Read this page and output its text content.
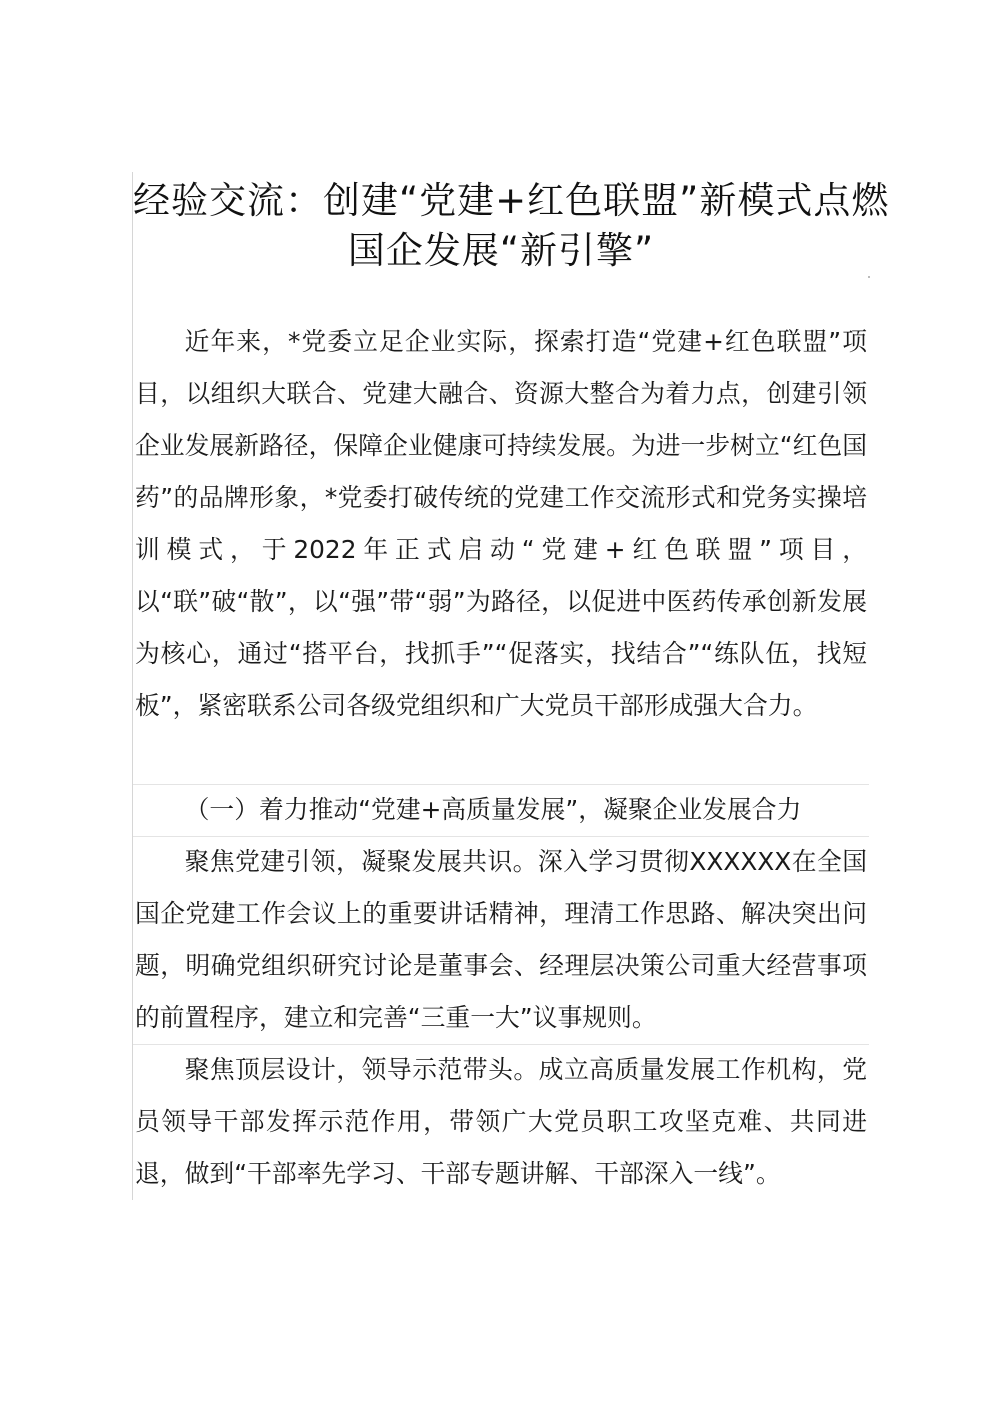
经验交流：创建“党建+红色联盟”新模式点燃
国企发展“新引擎”

近年来，*党委立足企业实际，探索打造“党建+红色联盟”项目，以组织大联合、党建大融合、资源大整合为着力点，创建引领企业发展新路径，保障企业健康可持续发展。为进一步树立“红色国药”的品牌形象，*党委打破传统的党建工作交流形式和党务实操培训模式，于2022年正式启动“党建+红色联盟”项目，以“联”破“散”，以“强”带“弱”为路径，以促进中医药传承创新发展为核心，通过“搭平台，找抓手”“促落实，找结合”“练队伍，找短板”，紧密联系公司各级党组织和广大党员干部形成强大合力。

（一）着力推动“党建+高质量发展”，凝聚企业发展合力

聚焦党建引领，凝聚发展共识。深入学习贯彻XXXXXX在全国国企党建工作会议上的重要讲话精神，理清工作思路、解决突出问题，明确党组织研究讨论是董事会、经理层决策公司重大经营事项的前置程序，建立和完善“三重一大”议事规则。

聚焦顶层设计，领导示范带头。成立高质量发展工作机构，党员领导干部发挥示范作用，带领广大党员职工攻坚克难、共同进退，做到“干部率先学习、干部专题讲解、干部深入一线”。
